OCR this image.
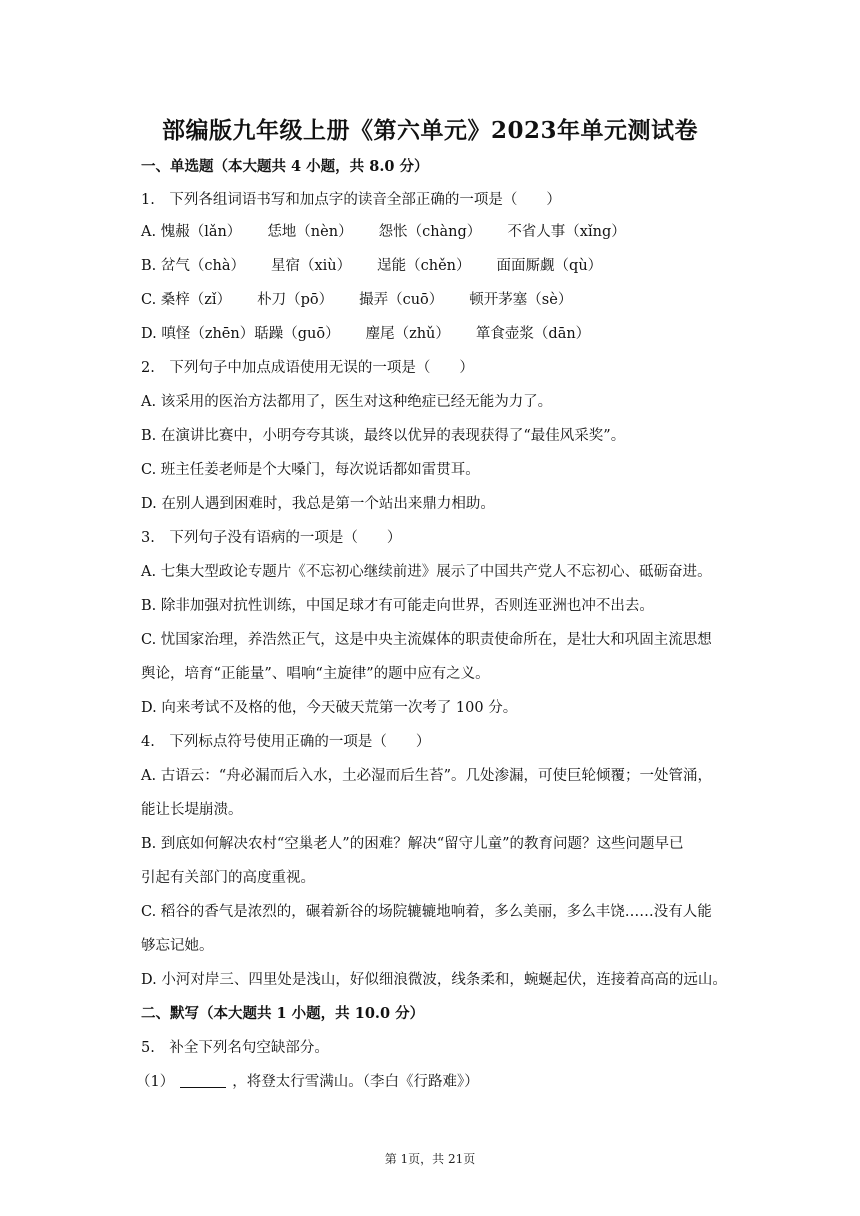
部编版九年级上册《第六单元》2023年单元测试卷
一、单选题（本大题共 4 小题，共 8.0 分）
1.　下列各组词语书写和加点字的读音全部正确的一项是（　　）
A. 愧赧（lǎn） 恁地（nèn） 怨怅（chàng） 不省人事（xǐng）
B. 岔气（chà） 星宿（xiù） 逞能（chěn） 面面厮觑（qù）
C. 桑梓（zǐ） 朴刀（pō） 撮弄（cuō） 顿开茅塞（sè）
D. 嗔怪（zhēn）聒躁（guō） 麈尾（zhǔ） 箪食壶浆（dān）
2.　下列句子中加点成语使用无误的一项是（　　）
A. 该采用的医治方法都用了，医生对这种绝症已经无能为力了。
B. 在演讲比赛中，小明夸夸其谈，最终以优异的表现获得了“最佳风采奖”。
C. 班主任姜老师是个大嗓门，每次说话都如雷贯耳。
D. 在别人遇到困难时，我总是第一个站出来鼎力相助。
3.　下列句子没有语病的一项是（　　）
A. 七集大型政论专题片《不忘初心继续前进》展示了中国共产党人不忘初心、砥砺奋进。
B. 除非加强对抗性训练，中国足球才有可能走向世界，否则连亚洲也冲不出去。
C. 忧国家治理，养浩然正气，这是中央主流媒体的职责使命所在，是壮大和巩固主流思想
舆论，培育“正能量”、唱响“主旋律”的题中应有之义。
D. 向来考试不及格的他，今天破天荒第一次考了 100 分。
4.　下列标点符号使用正确的一项是（　　）
A. 古语云：“舟必漏而后入水，土必湿而后生苔”。几处渗漏，可使巨轮倾覆；一处管涌，
能让长堤崩溃。
B. 到底如何解决农村“空巢老人”的困难？解决“留守儿童”的教育问题？这些问题早已
引起有关部门的高度重视。
C. 稻谷的香气是浓烈的，碾着新谷的场院辘辘地响着，多么美丽，多么丰饶……没有人能
够忘记她。
D. 小河对岸三、四里处是浅山，好似细浪微波，线条柔和，蜿蜒起伏，连接着高高的远山。
二、默写（本大题共 1 小题，共 10.0 分）
5.　补全下列名句空缺部分。
（1）	，将登太行雪满山。（李白《行路难》）
第 1页，共 21页
